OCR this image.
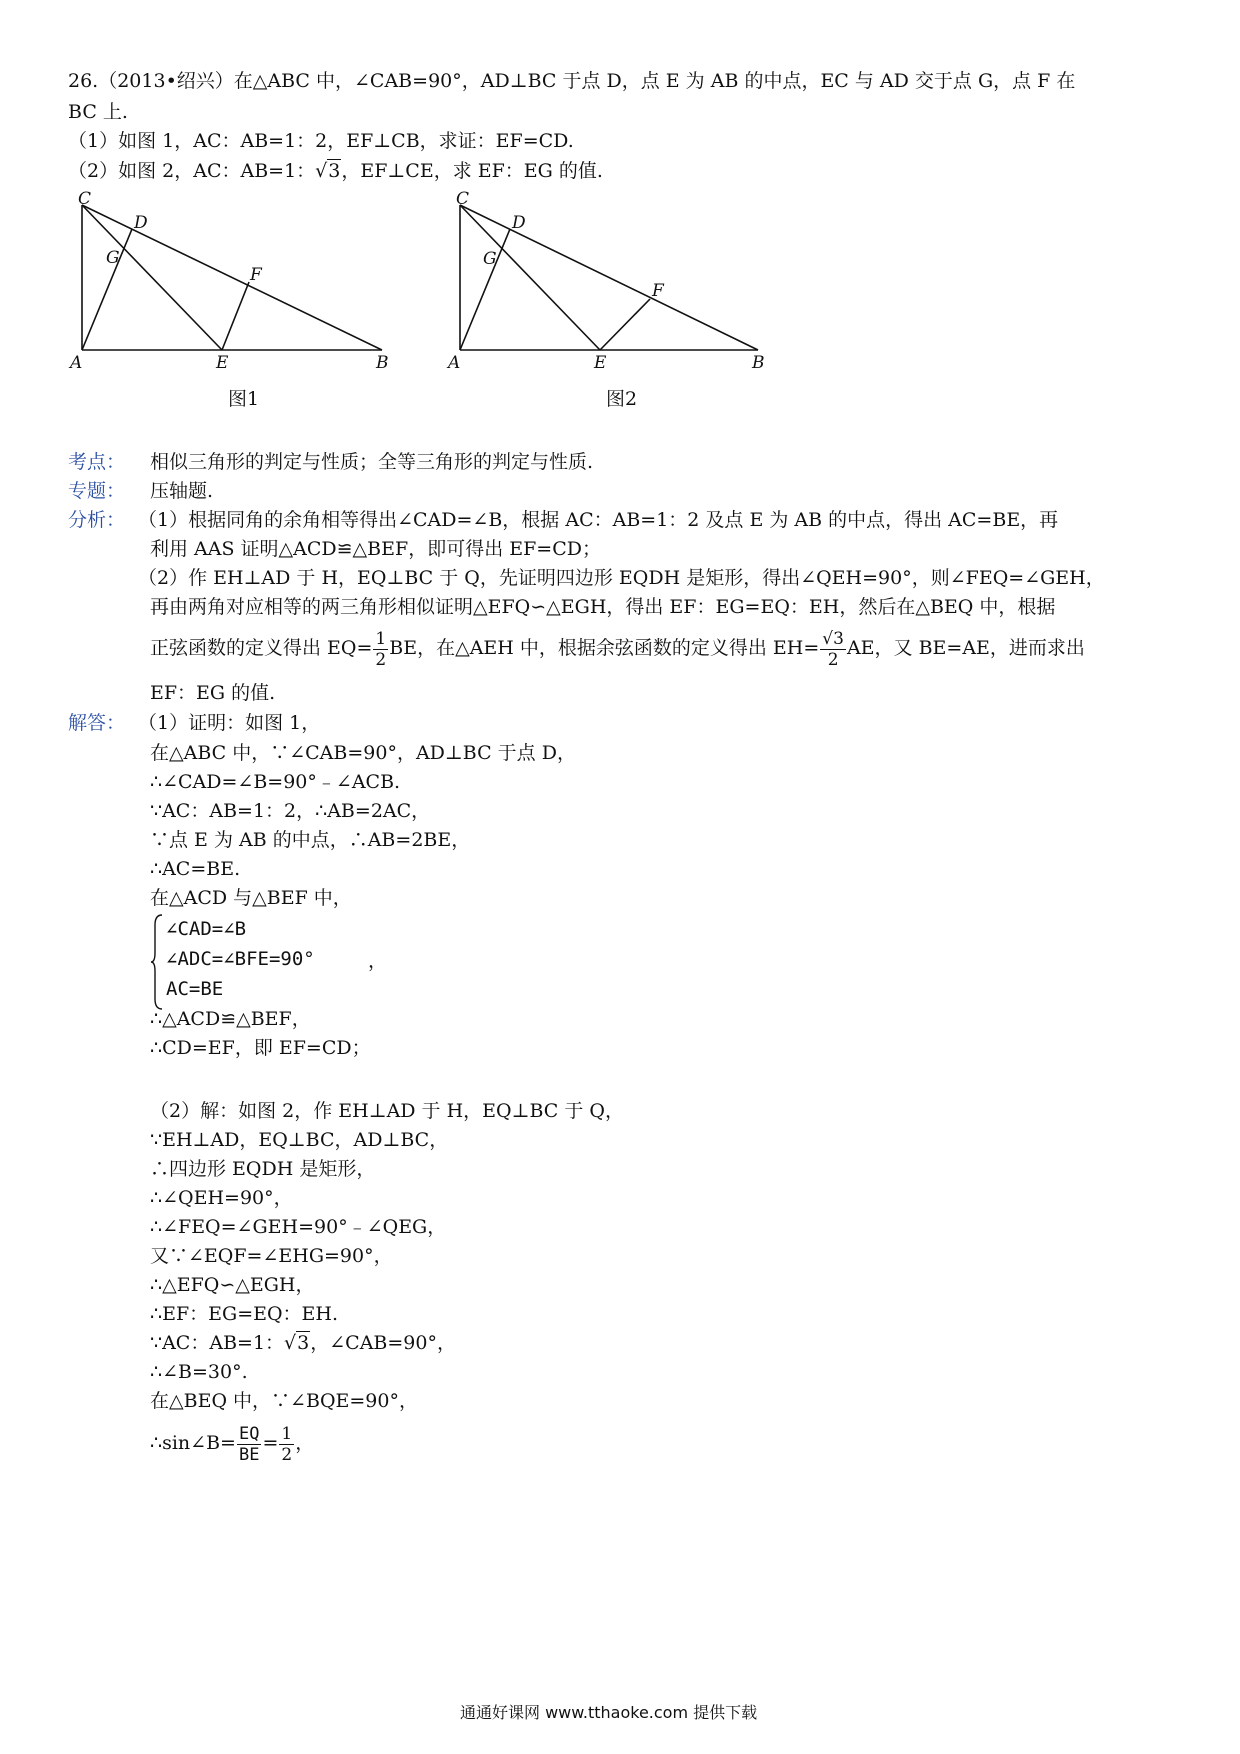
26.（2013•绍兴）在△ABC 中，∠CAB=90°，AD⊥BC 于点 D，点 E 为 AB 的中点，EC 与 AD 交于点 G，点 F 在
BC 上.
（1）如图 1，AC：AB=1：2，EF⊥CB，求证：EF=CD.
（2）如图 2，AC：AB=1：√3，EF⊥CE，求 EF：EG 的值.
C
D
G
F
A	E	B
图1
C
D
G
F
A	E	B
图2
考点： 相似三角形的判定与性质；全等三角形的判定与性质.
专题： 压轴题.
分析： （1）根据同角的余角相等得出∠CAD=∠B，根据 AC：AB=1：2 及点 E 为 AB 的中点，得出 AC=BE，再
利用 AAS 证明△ACD≌△BEF，即可得出 EF=CD；
（2）作 EH⊥AD 于 H，EQ⊥BC 于 Q，先证明四边形 EQDH 是矩形，得出∠QEH=90°，则∠FEQ=∠GEH，
再由两角对应相等的两三角形相似证明△EFQ∽△EGH，得出 EF：EG=EQ：EH，然后在△BEQ 中，根据
正弦函数的定义得出 $EQ= \frac{1}{2}$ BE，在△AEH 中，根据余弦函数的定义得出 $EH= \frac{√3}{2}$ AE，又 BE=AE，进而求出
EF：EG 的值.
解答： （1）证明：如图 1，
在△ABC 中，∵∠CAB=90°，AD⊥BC 于点 D，
∴∠CAD=∠B=90°﹣∠ACB.
∵AC：AB=1：2，∴AB=2AC，
∵点 E 为 AB 的中点，∴AB=2BE，
∴AC=BE.
在△ACD 与△BEF 中，
∠CAD=∠B
∠ADC=∠BFE=90°
AC=BE
，
∴△ACD≌△BEF，
∴CD=EF，即 EF=CD；
（2）解：如图 2，作 EH⊥AD 于 H，EQ⊥BC 于 Q，
∵EH⊥AD，EQ⊥BC，AD⊥BC，
∴四边形 EQDH 是矩形，
∴∠QEH=90°，
∴∠FEQ=∠GEH=90°﹣∠QEG，
又∵∠EQF=∠EHG=90°，
∴△EFQ∽△EGH，
∴EF：EG=EQ：EH.
∵AC：AB=1：√3，∠CAB=90°，
∴∠B=30°.
在△BEQ 中，∵∠BQE=90°，
∴sin∠B= $\frac{EQ}{BE} = \frac{1}{2}$ ，
通通好课网 www.tthaoke.com 提供下载
